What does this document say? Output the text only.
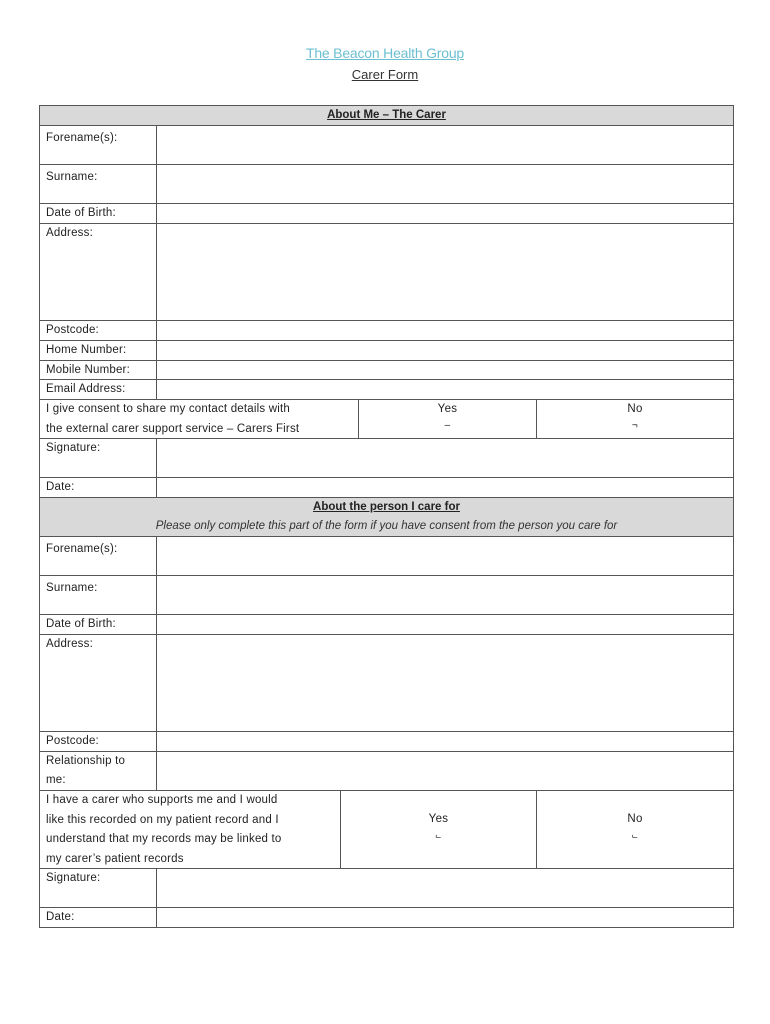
The Beacon Health Group
Carer Form
About Me – The Carer
Forename(s):
Surname:
Date of Birth:
Address:
Postcode:
Home Number:
Mobile Number:
Email Address:
I give consent to share my contact details with
the external carer support service – Carers First
Yes
–
No
¬
Signature:
Date:
About the person I care for
Please only complete this part of the form if you have consent from the person you care for
Forename(s):
Surname:
Date of Birth:
Address:
Postcode:
Relationship to
me:
I have a carer who supports me and I would
like this recorded on my patient record and I
understand that my records may be linked to
my carer’s patient records
Yes
⌐
No
⌐
Signature:
Date:
